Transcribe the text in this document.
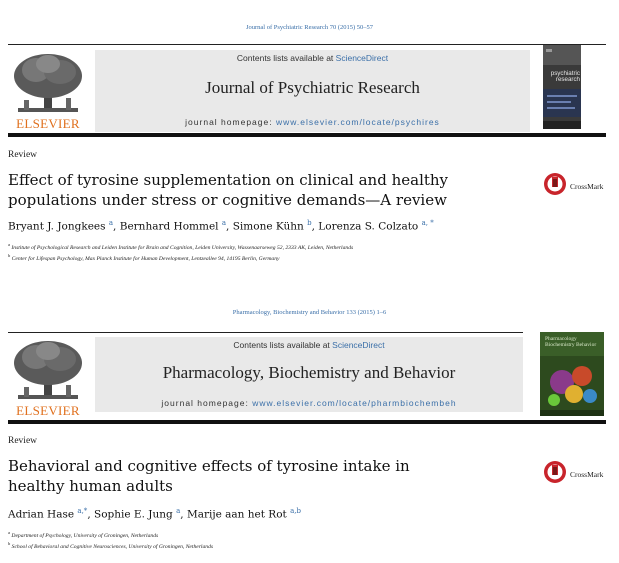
Journal of Psychiatric Research 70 (2015) 50–57
ELSEVIER
Contents lists available at ScienceDirect
Journal of Psychiatric Research
journal homepage: www.elsevier.com/locate/psychires
psychiatric research
Review
Effect of tyrosine supplementation on clinical and healthy populations under stress or cognitive demands—A review
CrossMark
Bryant J. Jongkees $^a$, Bernhard Hommel $^a$, Simone Kühn $^b$, Lorenza S. Colzato $^{a, *}$
$^a$ Institute of Psychological Research and Leiden Institute for Brain and Cognition, Leiden University, Wassenaarseweg 52, 2333 AK, Leiden, Netherlands
$^b$ Center for Lifespan Psychology, Max Planck Institute for Human Development, Lentzeallee 94, 14195 Berlin, Germany
Pharmacology, Biochemistry and Behavior 133 (2015) 1–6
ELSEVIER
Contents lists available at ScienceDirect
Pharmacology, Biochemistry and Behavior
journal homepage: www.elsevier.com/locate/pharmbiochembeh
Pharmacology Biochemistry Behavior
Review
Behavioral and cognitive effects of tyrosine intake in healthy human adults
CrossMark
Adrian Hase $^{a,*}$, Sophie E. Jung $^a$, Marije aan het Rot $^{a,b}$
$^a$ Department of Psychology, University of Groningen, Netherlands
$^b$ School of Behavioral and Cognitive Neurosciences, University of Groningen, Netherlands
